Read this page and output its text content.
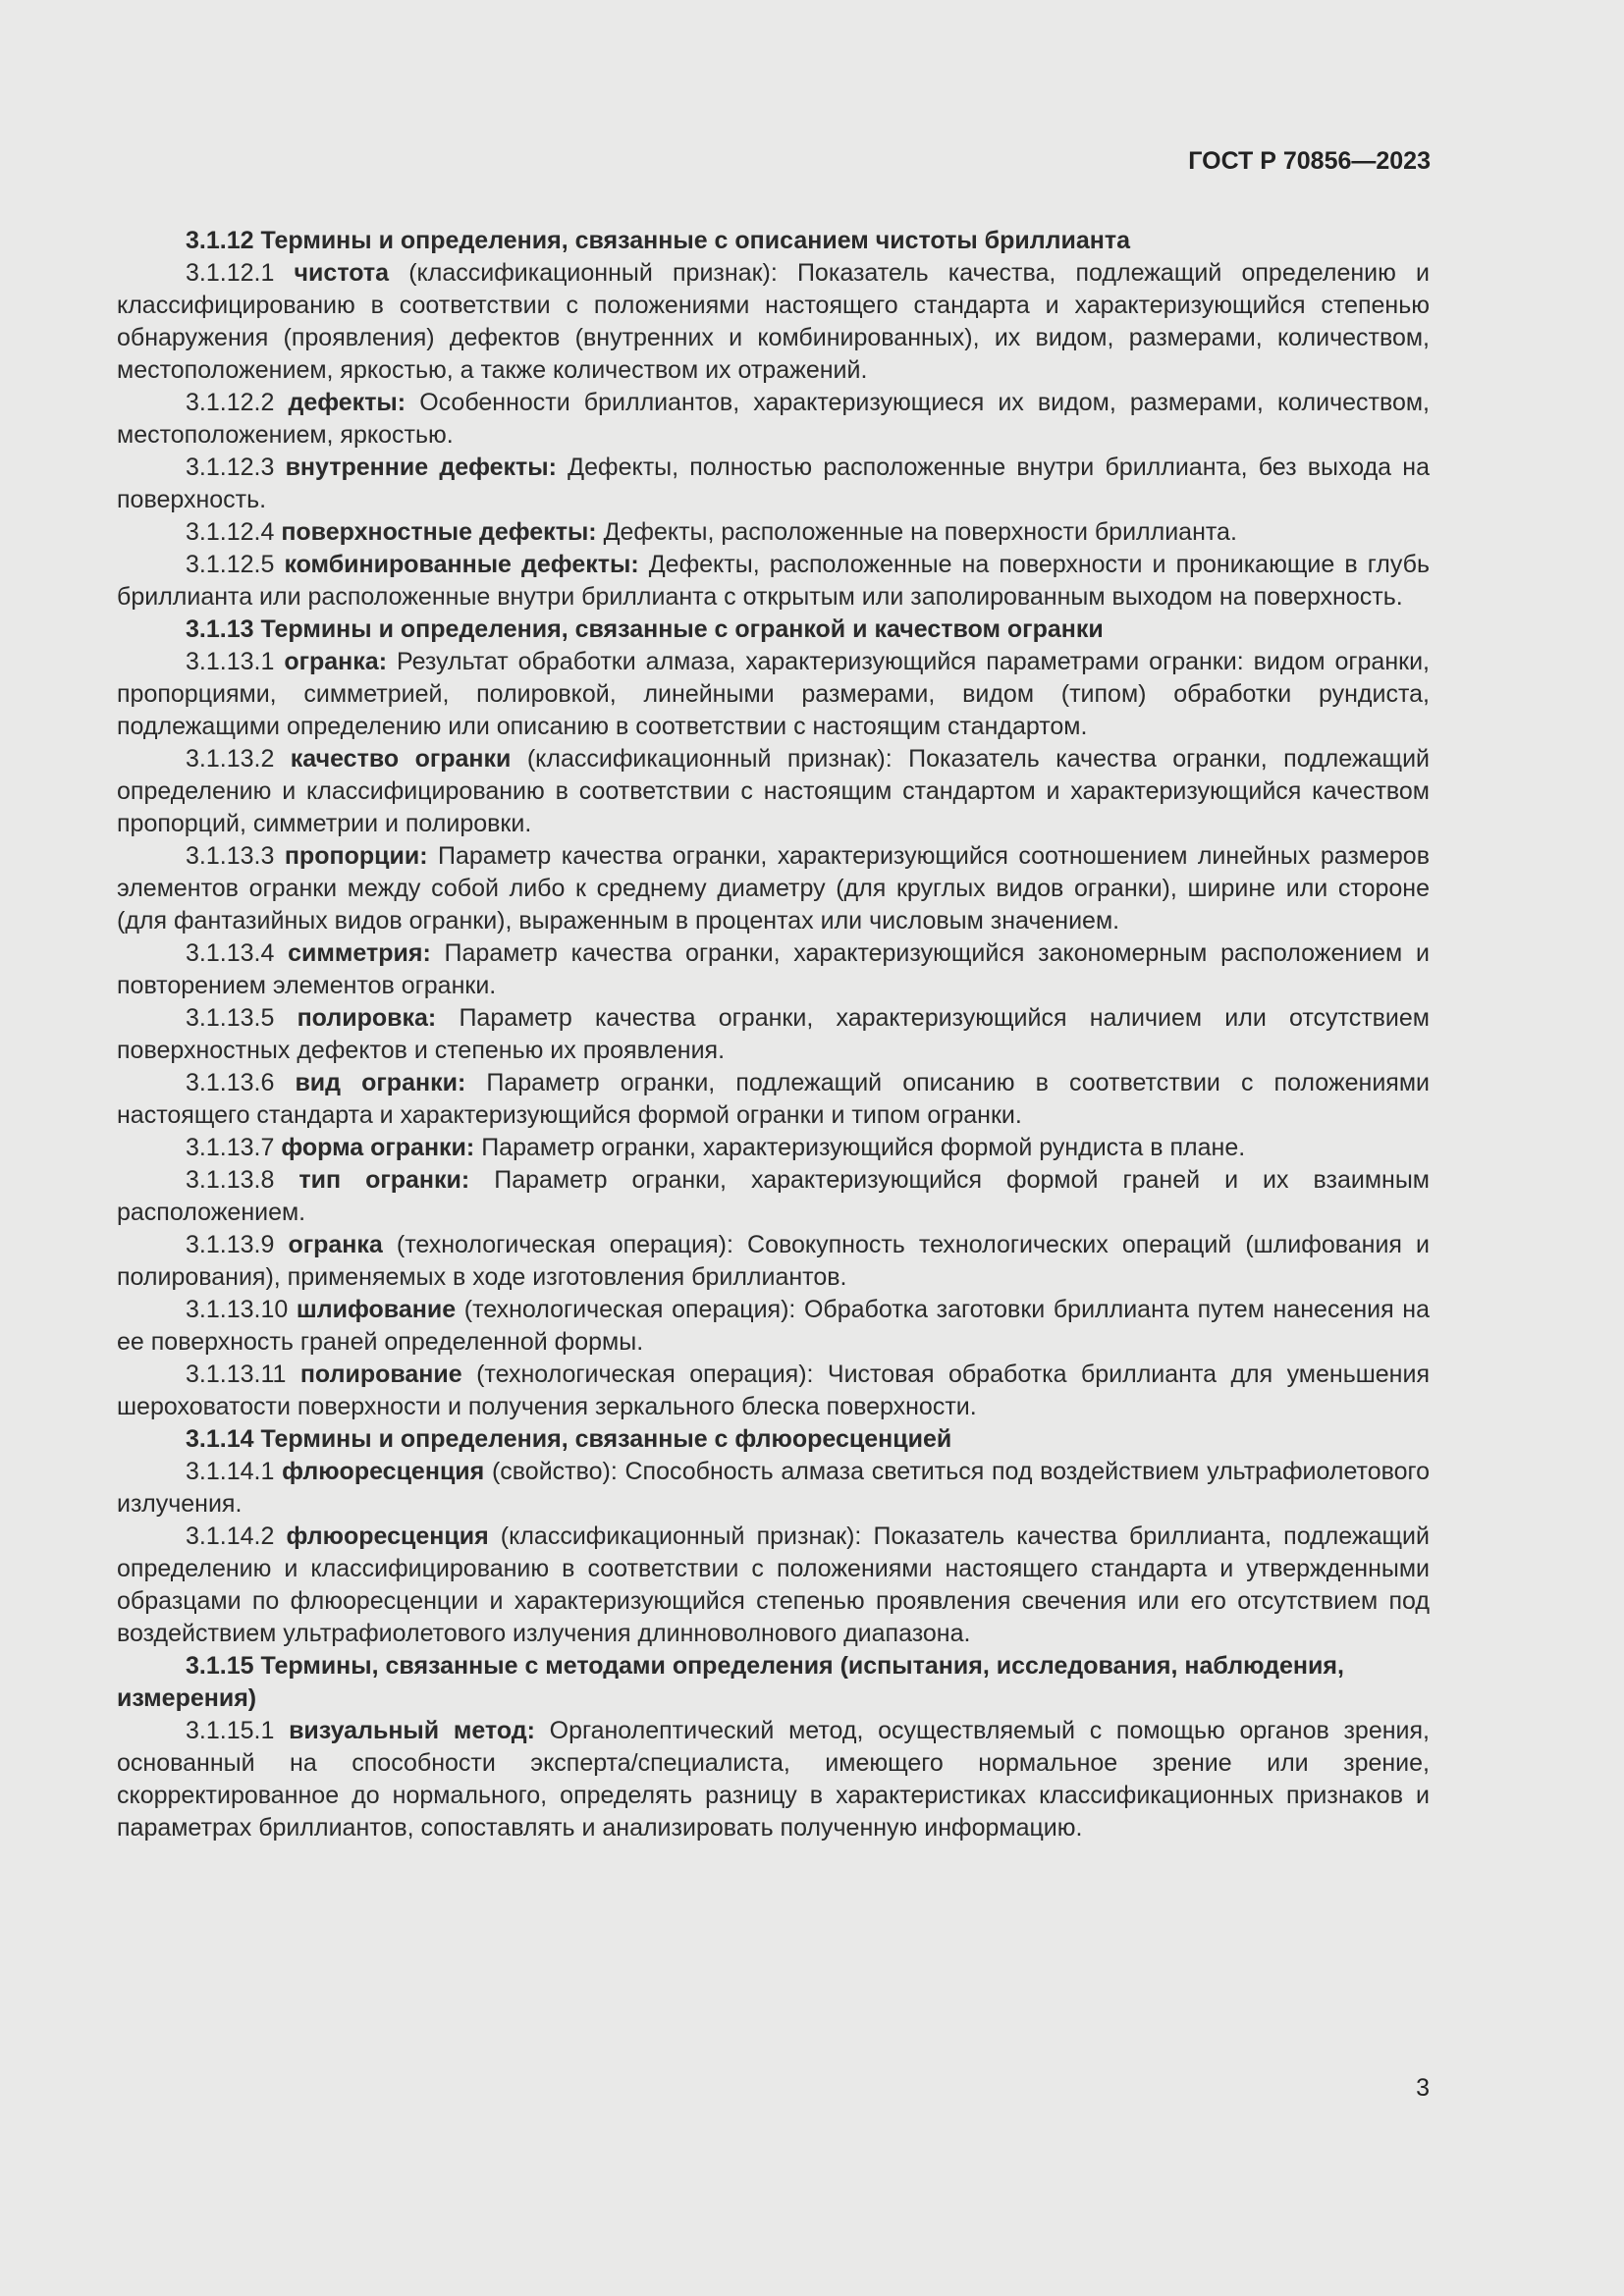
ГОСТ Р 70856—2023

3.1.12 Термины и определения, связанные с описанием чистоты бриллианта

3.1.12.1 чистота (классификационный признак): Показатель качества, подлежащий определению и классифицированию в соответствии с положениями настоящего стандарта и характеризующийся степенью обнаружения (проявления) дефектов (внутренних и комбинированных), их видом, размерами, количеством, местоположением, яркостью, а также количеством их отражений.

3.1.12.2 дефекты: Особенности бриллиантов, характеризующиеся их видом, размерами, количеством, местоположением, яркостью.

3.1.12.3 внутренние дефекты: Дефекты, полностью расположенные внутри бриллианта, без выхода на поверхность.

3.1.12.4 поверхностные дефекты: Дефекты, расположенные на поверхности бриллианта.

3.1.12.5 комбинированные дефекты: Дефекты, расположенные на поверхности и проникающие в глубь бриллианта или расположенные внутри бриллианта с открытым или заполированным выходом на поверхность.

3.1.13 Термины и определения, связанные с огранкой и качеством огранки

3.1.13.1 огранка: Результат обработки алмаза, характеризующийся параметрами огранки: видом огранки, пропорциями, симметрией, полировкой, линейными размерами, видом (типом) обработки рундиста, подлежащими определению или описанию в соответствии с настоящим стандартом.

3.1.13.2 качество огранки (классификационный признак): Показатель качества огранки, подлежащий определению и классифицированию в соответствии с настоящим стандартом и характеризующийся качеством пропорций, симметрии и полировки.

3.1.13.3 пропорции: Параметр качества огранки, характеризующийся соотношением линейных размеров элементов огранки между собой либо к среднему диаметру (для круглых видов огранки), ширине или стороне (для фантазийных видов огранки), выраженным в процентах или числовым значением.

3.1.13.4 симметрия: Параметр качества огранки, характеризующийся закономерным расположением и повторением элементов огранки.

3.1.13.5 полировка: Параметр качества огранки, характеризующийся наличием или отсутствием поверхностных дефектов и степенью их проявления.

3.1.13.6 вид огранки: Параметр огранки, подлежащий описанию в соответствии с положениями настоящего стандарта и характеризующийся формой огранки и типом огранки.

3.1.13.7 форма огранки: Параметр огранки, характеризующийся формой рундиста в плане.

3.1.13.8 тип огранки: Параметр огранки, характеризующийся формой граней и их взаимным расположением.

3.1.13.9 огранка (технологическая операция): Совокупность технологических операций (шлифования и полирования), применяемых в ходе изготовления бриллиантов.

3.1.13.10 шлифование (технологическая операция): Обработка заготовки бриллианта путем нанесения на ее поверхность граней определенной формы.

3.1.13.11 полирование (технологическая операция): Чистовая обработка бриллианта для уменьшения шероховатости поверхности и получения зеркального блеска поверхности.

3.1.14 Термины и определения, связанные с флюоресценцией

3.1.14.1 флюоресценция (свойство): Способность алмаза светиться под воздействием ультрафиолетового излучения.

3.1.14.2 флюоресценция (классификационный признак): Показатель качества бриллианта, подлежащий определению и классифицированию в соответствии с положениями настоящего стандарта и утвержденными образцами по флюоресценции и характеризующийся степенью проявления свечения или его отсутствием под воздействием ультрафиолетового излучения длинноволнового диапазона.

3.1.15 Термины, связанные с методами определения (испытания, исследования, наблюдения, измерения)

3.1.15.1 визуальный метод: Органолептический метод, осуществляемый с помощью органов зрения, основанный на способности эксперта/специалиста, имеющего нормальное зрение или зрение, скорректированное до нормального, определять разницу в характеристиках классификационных признаков и параметрах бриллиантов, сопоставлять и анализировать полученную информацию.

3
